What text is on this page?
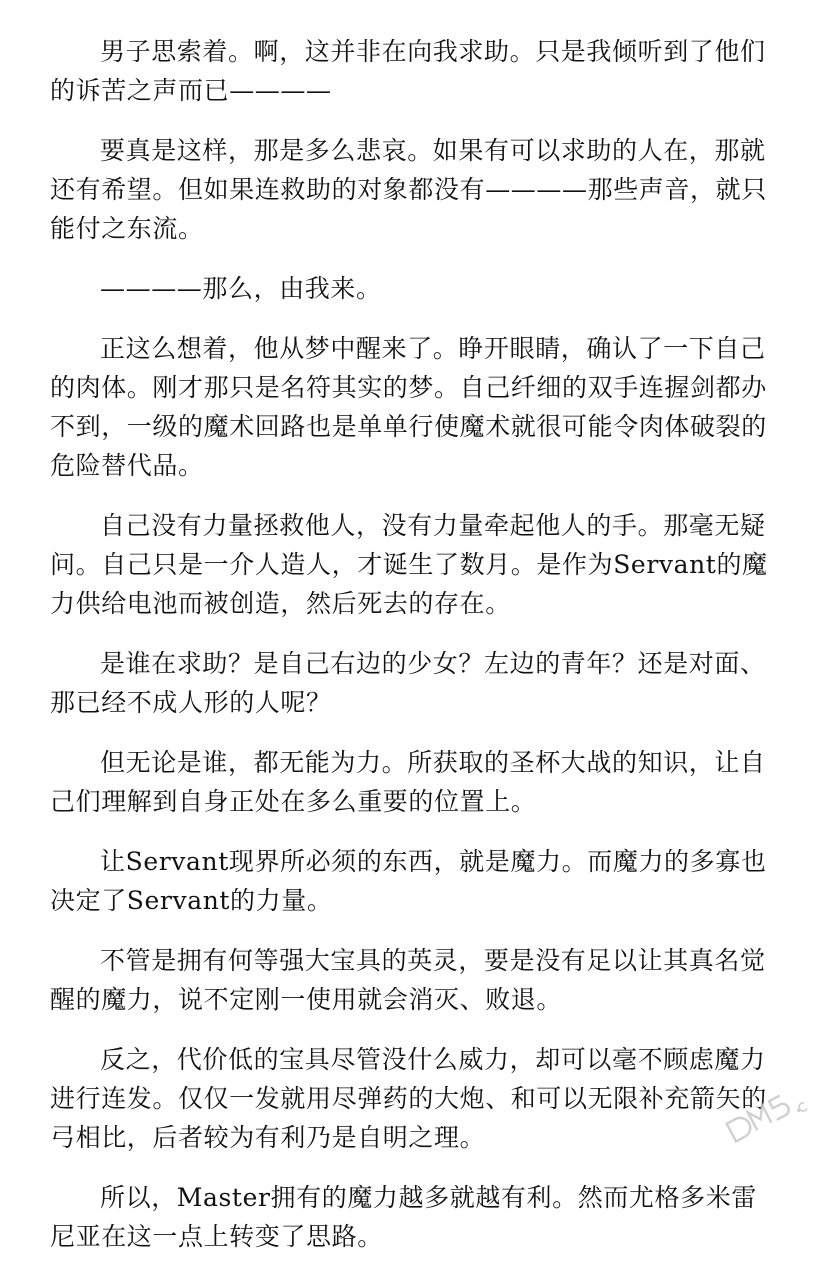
男子思索着。啊，这并非在向我求助。只是我倾听到了他们的诉苦之声而已————

要真是这样，那是多么悲哀。如果有可以求助的人在，那就还有希望。但如果连救助的对象都没有————那些声音，就只能付之东流。

————那么，由我来。

正这么想着，他从梦中醒来了。睁开眼睛，确认了一下自己的肉体。刚才那只是名符其实的梦。自己纤细的双手连握剑都办不到，一级的魔术回路也是单单行使魔术就很可能令肉体破裂的危险替代品。

自己没有力量拯救他人，没有力量牵起他人的手。那毫无疑问。自己只是一介人造人，才诞生了数月。是作为Servant的魔力供给电池而被创造，然后死去的存在。

是谁在求助？是自己右边的少女？左边的青年？还是对面、那已经不成人形的人呢？

但无论是谁，都无能为力。所获取的圣杯大战的知识，让自己们理解到自身正处在多么重要的位置上。

让Servant现界所必须的东西，就是魔力。而魔力的多寡也决定了Servant的力量。

不管是拥有何等强大宝具的英灵，要是没有足以让其真名觉醒的魔力，说不定刚一使用就会消灭、败退。

反之，代价低的宝具尽管没什么威力，却可以毫不顾虑魔力进行连发。仅仅一发就用尽弹药的大炮、和可以无限补充箭矢的弓相比，后者较为有利乃是自明之理。

所以，Master拥有的魔力越多就越有利。然而尤格多米雷尼亚在这一点上转变了思路。
